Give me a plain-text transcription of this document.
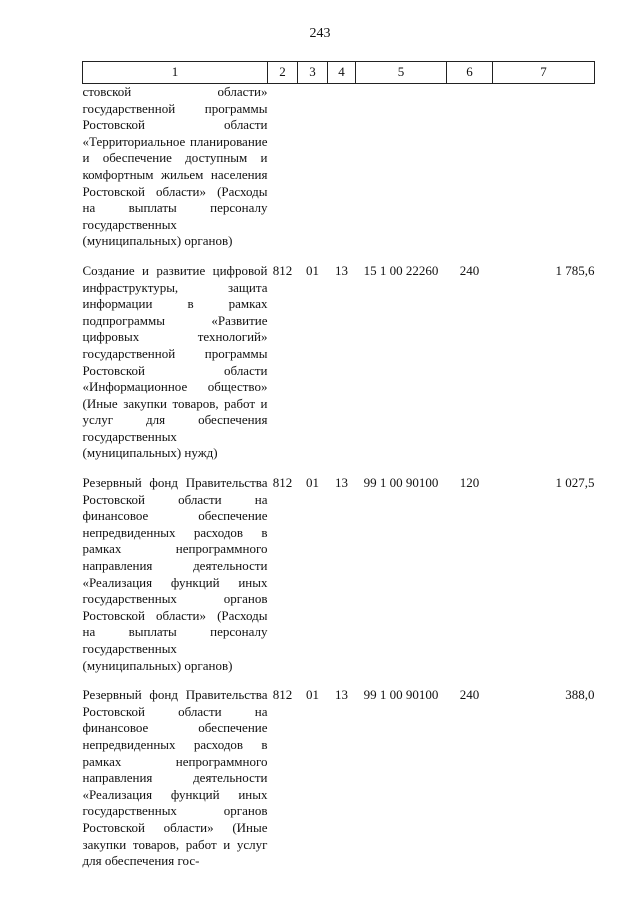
243
1	2	3	4	5	6	7
стовской области» государственной программы Ростовской области «Территориальное планирование и обеспечение доступным и комфортным жильем населения Ростовской области» (Расходы на выплаты персоналу государственных (муниципальных) органов)						
Создание и развитие цифровой инфраструктуры, защита информации в рамках подпрограммы «Развитие цифровых технологий» государственной программы Ростовской области «Информационное общество» (Иные закупки товаров, работ и услуг для обеспечения государственных (муниципальных) нужд)	812	01	13	15 1 00 22260	240	1 785,6
Резервный фонд Правительства Ростовской области на финансовое обеспечение непредвиденных расходов в рамках непрограммного направления деятельности «Реализация функций иных государственных органов Ростовской области» (Расходы на выплаты персоналу государственных (муниципальных) органов)	812	01	13	99 1 00 90100	120	1 027,5
Резервный фонд Правительства Ростовской области на финансовое обеспечение непредвиденных расходов в рамках непрограммного направления деятельности «Реализация функций иных государственных органов Ростовской области» (Иные закупки товаров, работ и услуг для обеспечения гос-	812	01	13	99 1 00 90100	240	388,0
